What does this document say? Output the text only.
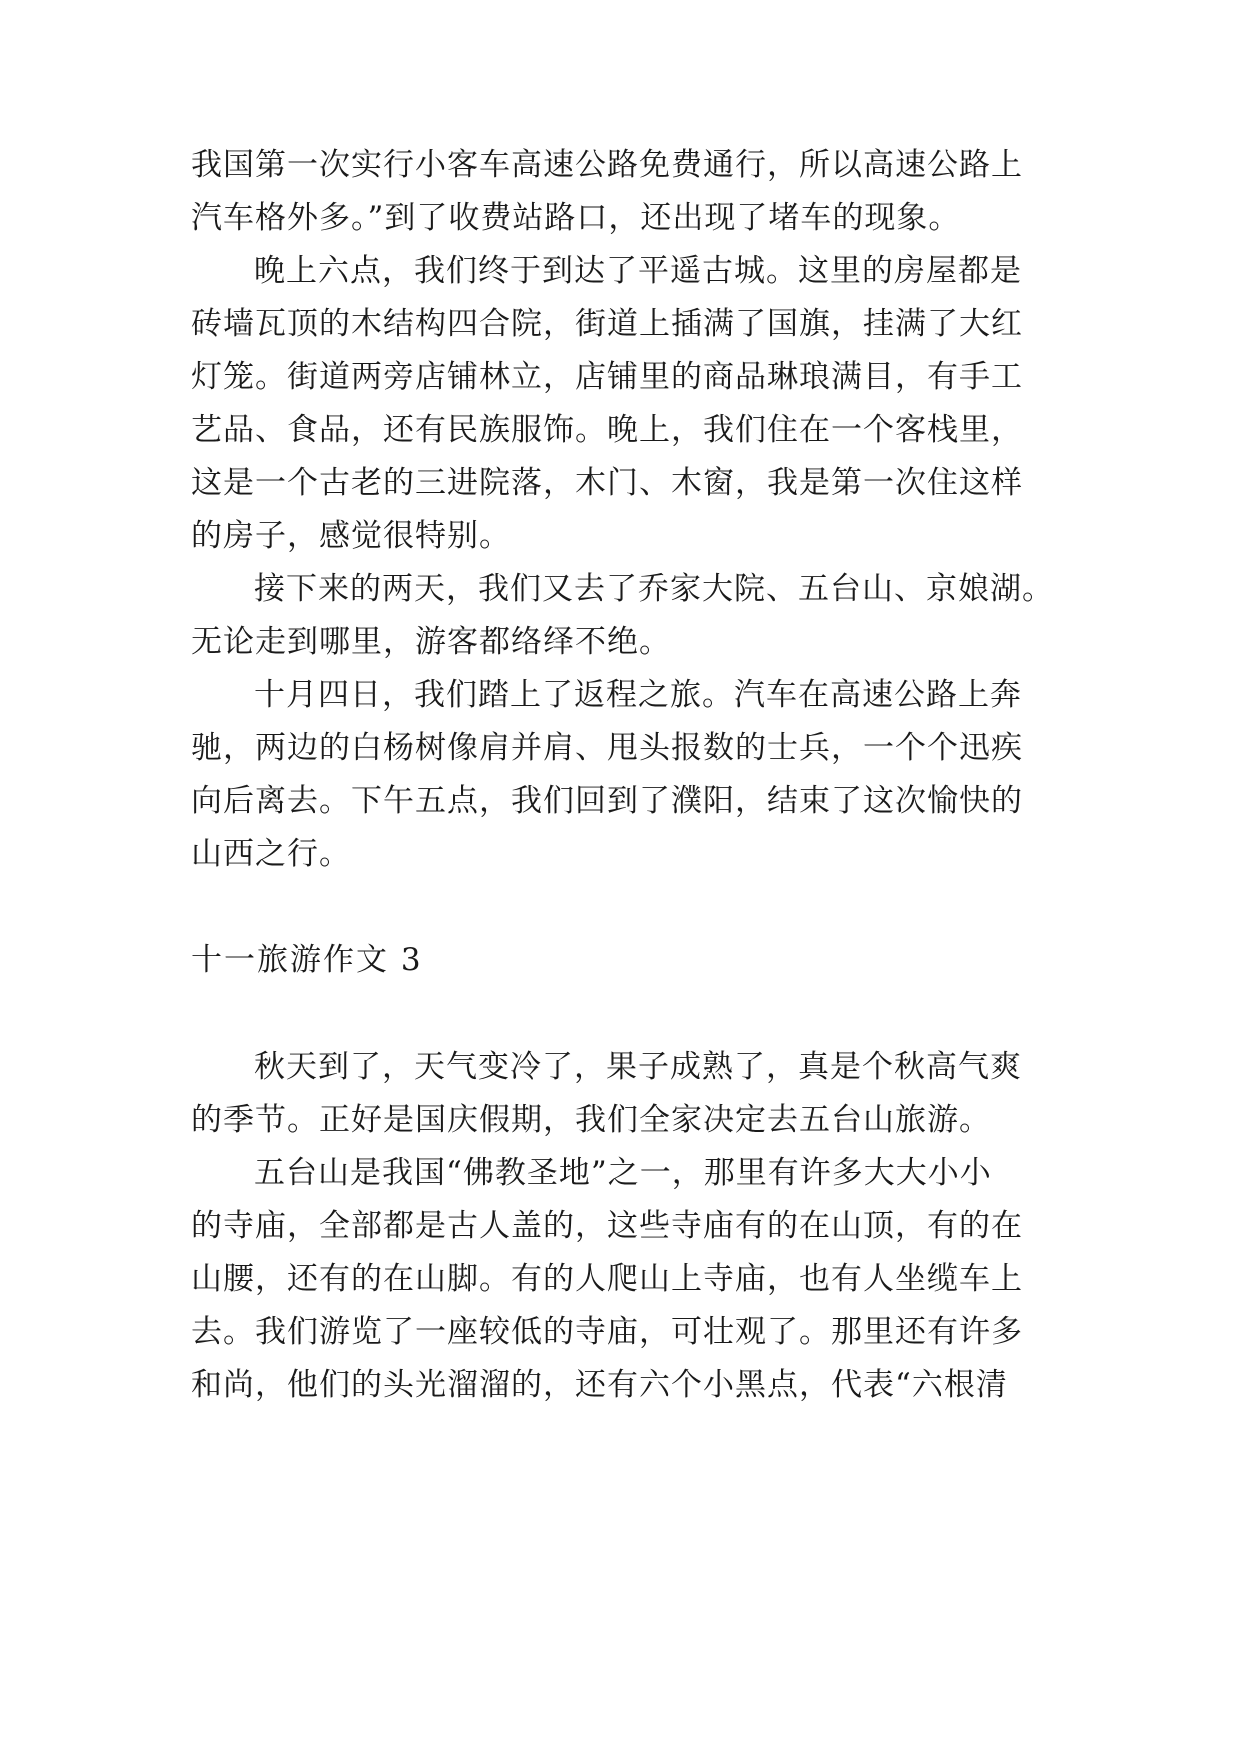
我国第一次实行小客车高速公路免费通行，所以高速公路上
汽车格外多。”到了收费站路口，还出现了堵车的现象。
晚上六点，我们终于到达了平遥古城。这里的房屋都是
砖墙瓦顶的木结构四合院，街道上插满了国旗，挂满了大红
灯笼。街道两旁店铺林立，店铺里的商品琳琅满目，有手工
艺品、食品，还有民族服饰。晚上，我们住在一个客栈里，
这是一个古老的三进院落，木门、木窗，我是第一次住这样
的房子，感觉很特别。
接下来的两天，我们又去了乔家大院、五台山、京娘湖。
无论走到哪里，游客都络绎不绝。
十月四日，我们踏上了返程之旅。汽车在高速公路上奔
驰，两边的白杨树像肩并肩、甩头报数的士兵，一个个迅疾
向后离去。下午五点，我们回到了濮阳，结束了这次愉快的
山西之行。
十一旅游作文 3
秋天到了，天气变冷了，果子成熟了，真是个秋高气爽
的季节。正好是国庆假期，我们全家决定去五台山旅游。
五台山是我国“佛教圣地”之一，那里有许多大大小小
的寺庙，全部都是古人盖的，这些寺庙有的在山顶，有的在
山腰，还有的在山脚。有的人爬山上寺庙，也有人坐缆车上
去。我们游览了一座较低的寺庙，可壮观了。那里还有许多
和尚，他们的头光溜溜的，还有六个小黑点，代表“六根清
